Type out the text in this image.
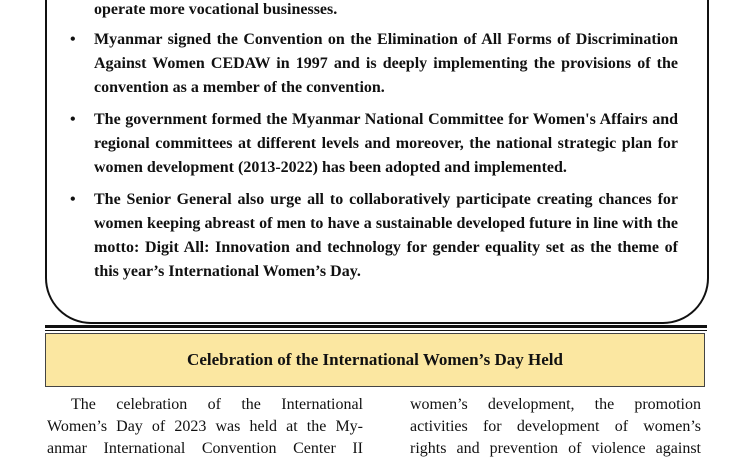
operate more vocational businesses.
• Myanmar signed the Convention on the Elimination of All Forms of Discrimination Against Women CEDAW in 1997 and is deeply implementing the provisions of the convention as a member of the convention.
• The government formed the Myanmar National Committee for Women's Affairs and regional committees at different levels and moreover, the national strategic plan for women development (2013-2022) has been adopted and implemented.
• The Senior General also urge all to collaboratively participate creating chances for women keeping abreast of men to have a sustainable developed future in line with the motto: Digit All: Innovation and technology for gender equality set as the theme of this year’s International Women’s Day.
Celebration of the International Women’s Day Held
The celebration of the International
Women’s Day of 2023 was held at the My-
anmar International Convention Center II
women’s development, the promotion
activities for development of women’s
rights and prevention of violence against
